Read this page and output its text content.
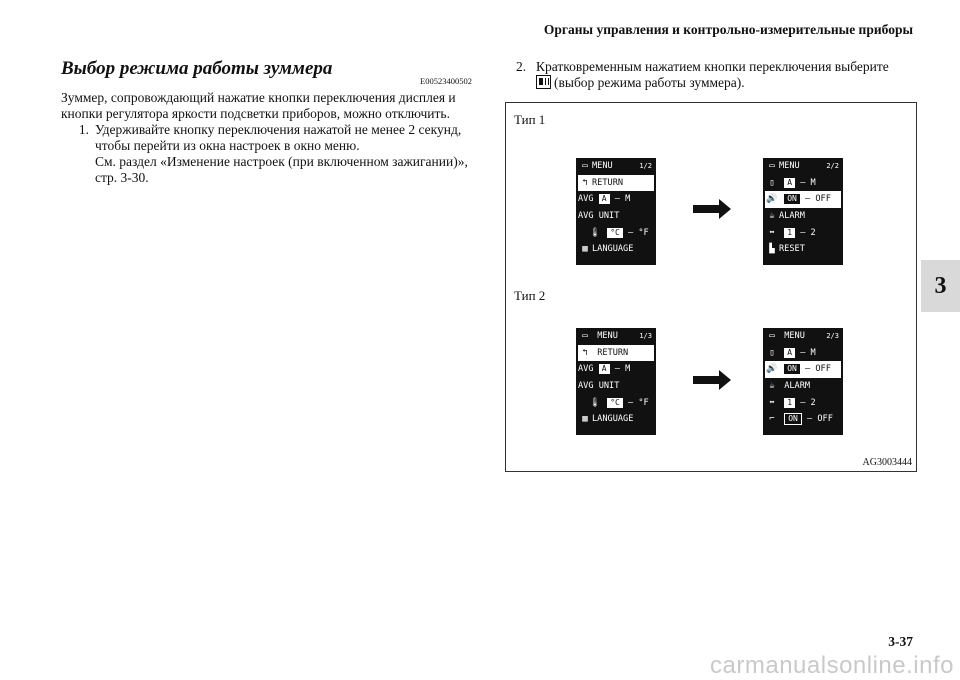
Органы управления и контрольно-измерительные приборы
Выбор режима работы зуммера
E00523400502

Зуммер, сопровождающий нажатие кнопки переключения дисплея и кнопки регулятора яркости подсветки приборов, можно отключить.

1. Удерживайте кнопку переключения нажатой не менее 2 секунд, чтобы перейти из окна настроек в окно меню.
См. раздел «Изменение настроек (при включенном зажигании)», стр. 3-30.
2. Кратковременным нажатием кнопки переключения выберите
(выбор режима работы зуммера).
Тип 1
Тип 2
AG3003444
▭ MENU	1/2
↰ RETURN
AVG
	A – M
AVG UNIT
🌡
	°C – °F
▦ LANGUAGE
▭ MENU	2/2
▯
	A – M
🔊
	ON – OFF
☕ ALARM
⬌
	1 – 2
▙ RESET
▭
	MENU	1/3
↰
	RETURN
AVG
	A – M
AVG UNIT
🌡
	°C – °F
▦ LANGUAGE
▭
	MENU	2/3
▯
	A – M
🔊
	ON – OFF
☕
	ALARM
⬌
	1 – 2
⌐
	ON – OFF
3
3-37
carmanualsonline.info
